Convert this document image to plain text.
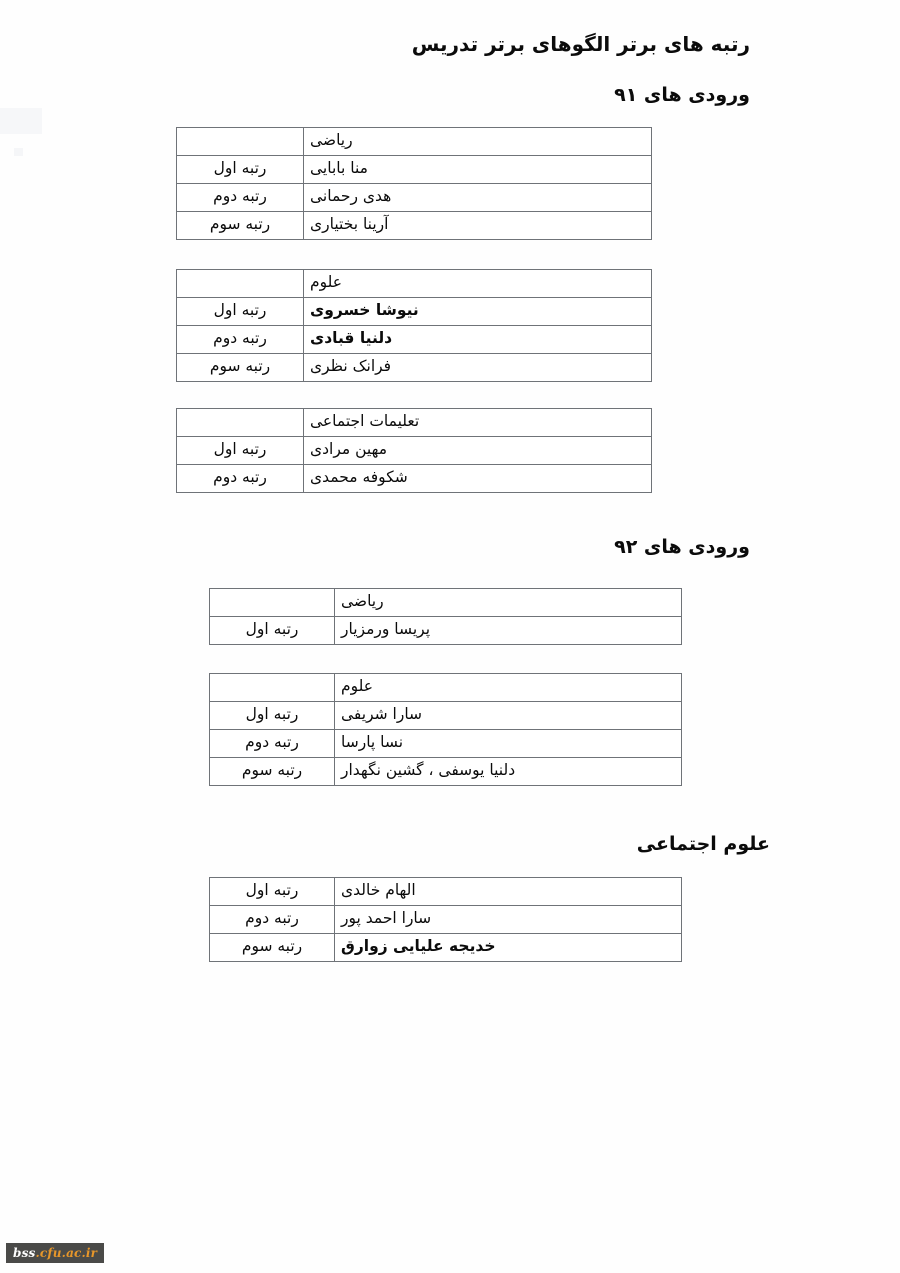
رتبه های برتر الگوهای برتر تدریس
ورودی های ۹۱
ریاضی	
منا بابایی	رتبه اول
هدی رحمانی	رتبه دوم
آرینا بختیاری	رتبه سوم
علوم	
نیوشا خسروی	رتبه اول
دلنیا قبادی	رتبه دوم
فرانک نظری	رتبه سوم
تعلیمات اجتماعی	
مهین مرادی	رتبه اول
شکوفه محمدی	رتبه دوم
ورودی های ۹۲
ریاضی	
پریسا ورمزیار	رتبه اول
علوم	
سارا شریفی	رتبه اول
نسا پارسا	رتبه دوم
دلنیا یوسفی ، گشین نگهدار	رتبه سوم
علوم اجتماعی
الهام خالدی	رتبه اول
سارا احمد پور	رتبه دوم
خدیجه علیایی زوارق	رتبه سوم
bss.cfu.ac.ir
